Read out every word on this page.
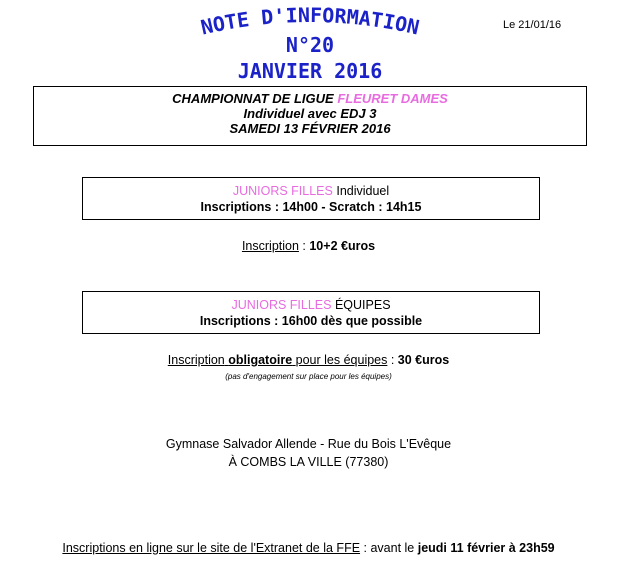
NOTE D'INFORMATION
N°20
JANVIER 2016
Le 21/01/16
CHAMPIONNAT DE LIGUE FLEURET DAMES
Individuel avec EDJ 3
SAMEDI 13 FÉVRIER 2016
JUNIORS FILLES Individuel
Inscriptions : 14h00 - Scratch : 14h15
Inscription : 10+2 €uros
JUNIORS FILLES ÉQUIPES
Inscriptions : 16h00 dès que possible
Inscription obligatoire pour les équipes : 30 €uros
(pas d'engagement sur place pour les équipes)
Gymnase Salvador Allende - Rue du Bois L'Evêque
À COMBS LA VILLE (77380)
Inscriptions en ligne sur le site de l'Extranet de la FFE : avant le jeudi 11 février à 23h59
